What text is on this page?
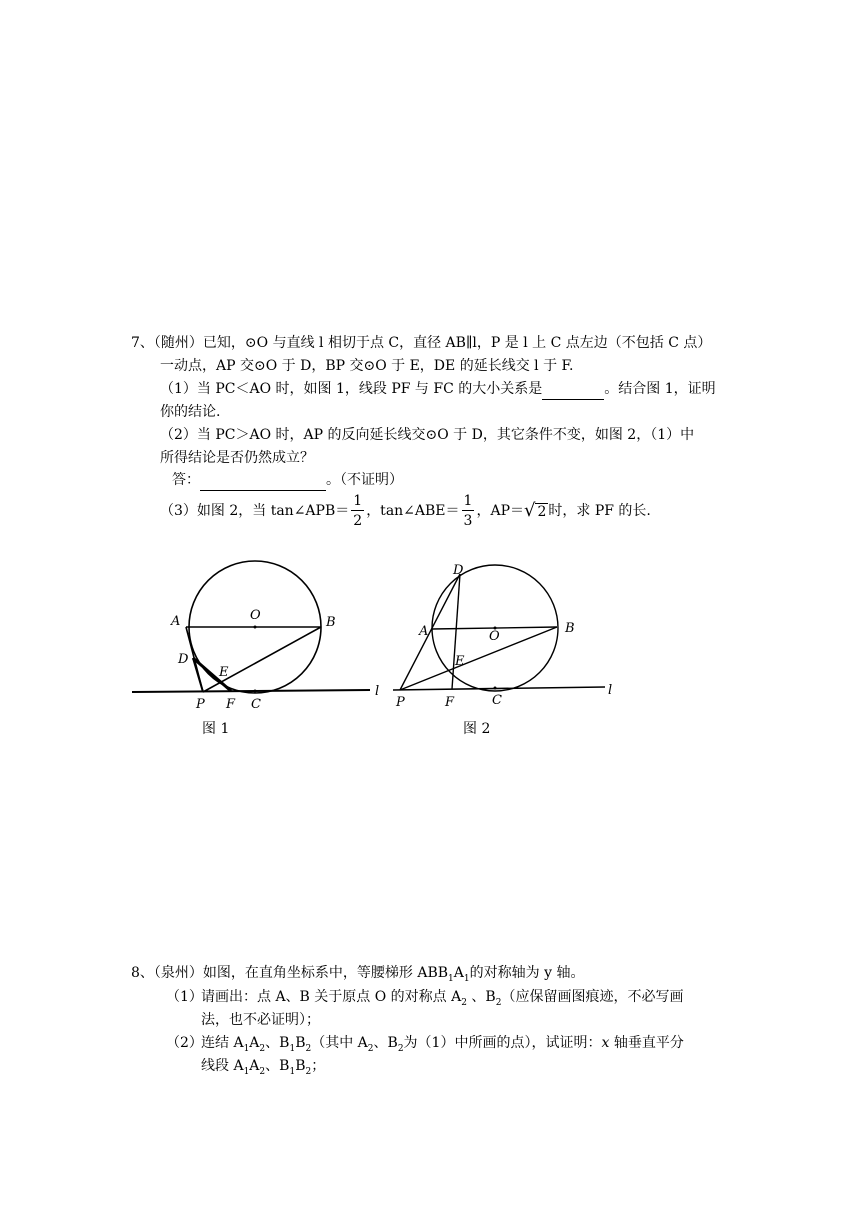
7、（随州）已知，⊙O 与直线 l 相切于点 C，直径 AB∥l，P 是 l 上 C 点左边（不包括 C 点）
一动点，AP 交⊙O 于 D，BP 交⊙O 于 E，DE 的延长线交 l 于 F.
（1）当 PC＜AO 时，如图 1，线段 PF 与 FC 的大小关系是	。结合图 1，证明
你的结论.
（2）当 PC＞AO 时，AP 的反向延长线交⊙O 于 D，其它条件不变，如图 2，（1）中
所得结论是否仍然成立？
答：	。（不证明）
（3）如图 2，当 tan∠APB＝ $\frac{1}{2}$ ，tan∠ABE＝ $\frac{1}{3}$ ，AP＝√ 2 时，求 PF 的长.
A	O	B
D
E
P F C
l
图 1
D
A	O
B
E
P	F	C
l
图 2
8、（泉州）如图，在直角坐标系中，等腰梯形 $ABB_1A_1$的对称轴为 y 轴。
（1）
请画出：点 A、B 关于原点 O 的对称点 $A_2$ 、$B_2$（应保留画图痕迹，不必写画
法，也不必证明）；
（2）
连结 $A_1A_2$、$B_1B_2$（其中 $A_2$、$B_2$为（1）中所画的点），试证明：x 轴垂直平分
线段 $A_1A_2$、$B_1B_2$；
